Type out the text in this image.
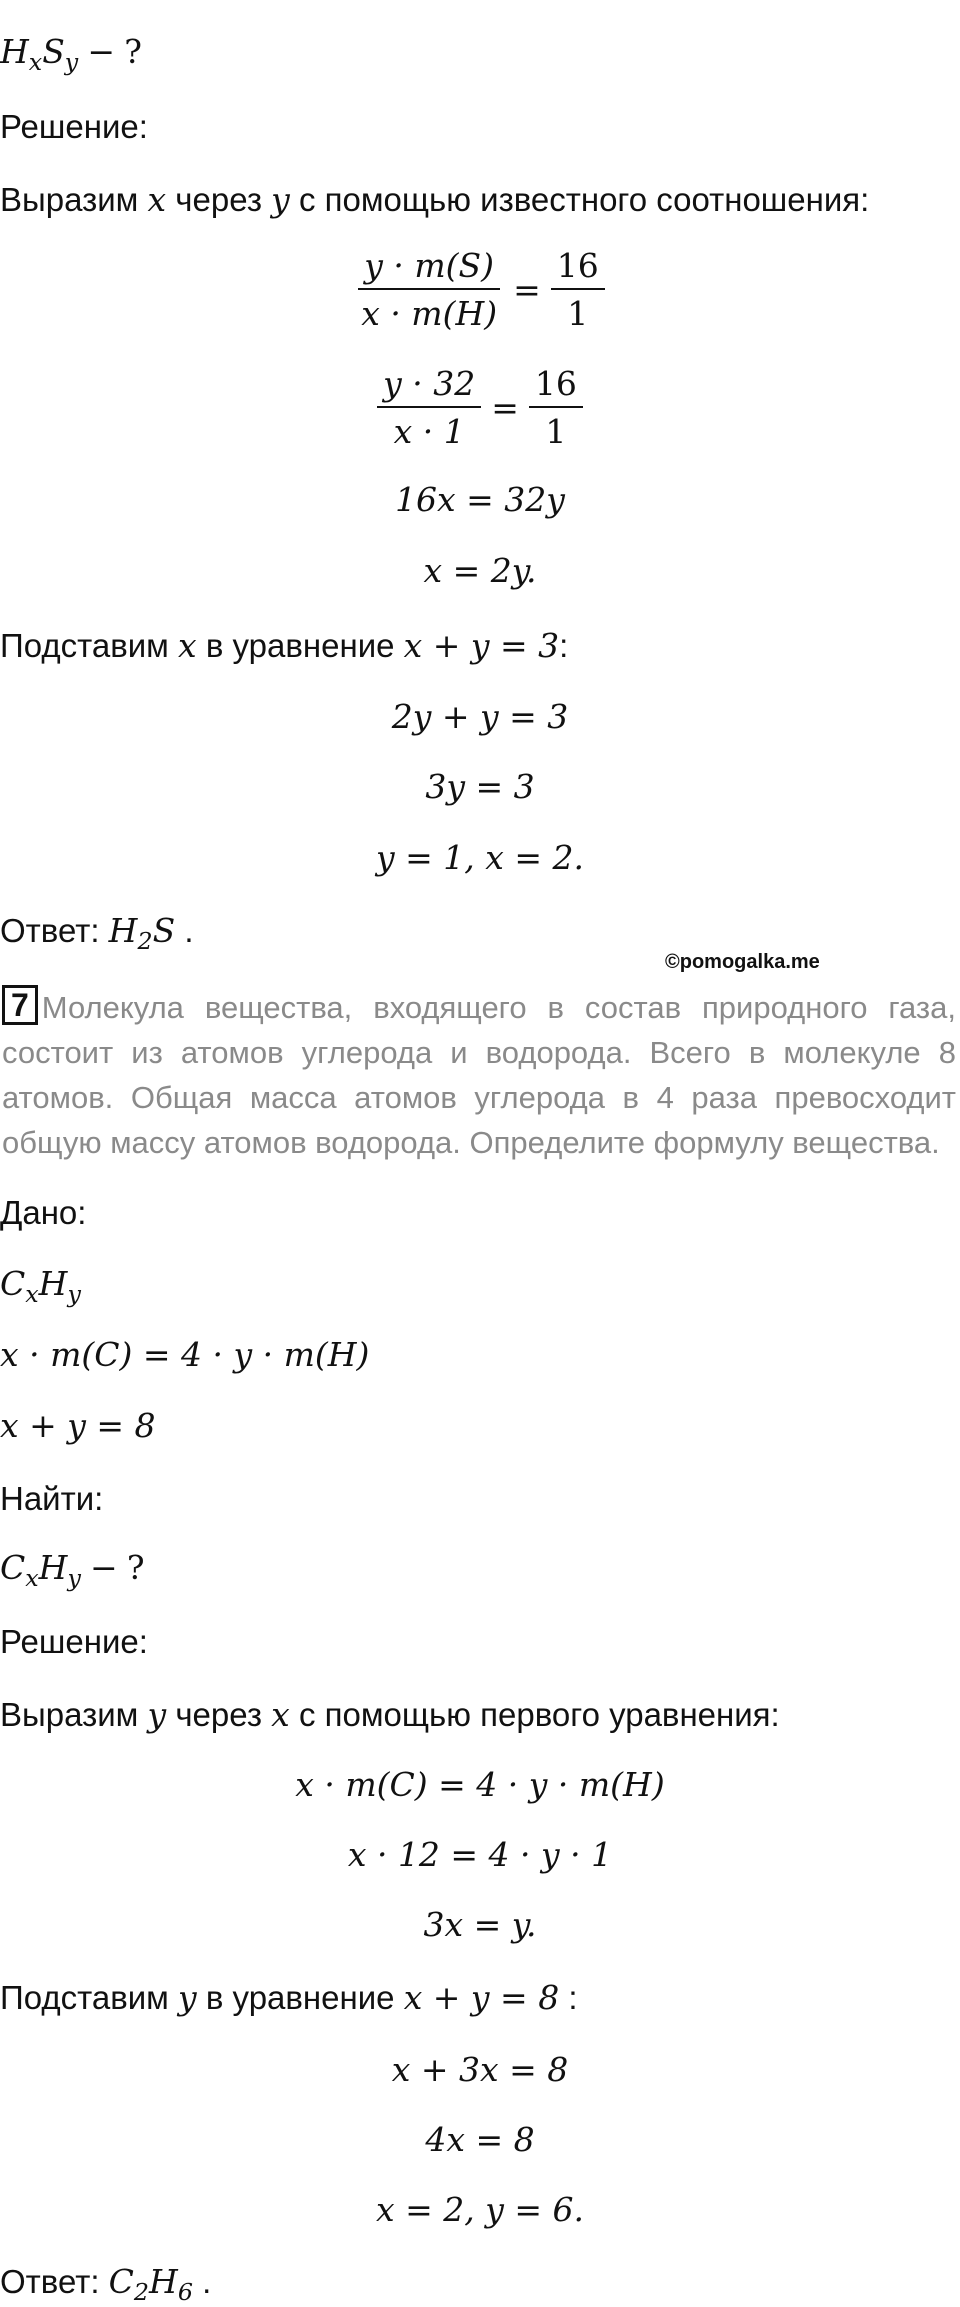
$H_xS_y$ − ?
Решение:
Выразим x через y с помощью известного соотношения:
$\frac{y \cdot m(S)}{x \cdot m(H)} = \frac{16}{1}$
$\frac{y \cdot 32}{x \cdot 1} = \frac{16}{1}$
16x = 32y
x = 2y.
Подставим x в уравнение x + y = 3:
2y + y = 3
3y = 3
y = 1, x = 2.
Ответ: $H_2S$ .
©pomogalka.me
7 Молекула вещества, входящего в состав природного газа, состоит из атомов углерода и водорода. Всего в молекуле 8 атомов. Общая масса атомов углерода в 4 раза превосходит общую массу атомов водорода. Определите формулу вещества.
Дано:
$C_xH_y$
x · m(C) = 4 · y · m(H)
x + y = 8
Найти:
$C_xH_y$ − ?
Решение:
Выразим y через x с помощью первого уравнения:
x · m(C) = 4 · y · m(H)
x · 12 = 4 · y · 1
3x = y.
Подставим y в уравнение x + y = 8 :
x + 3x = 8
4x = 8
x = 2, y = 6.
Ответ: $C_2H_6$ .
